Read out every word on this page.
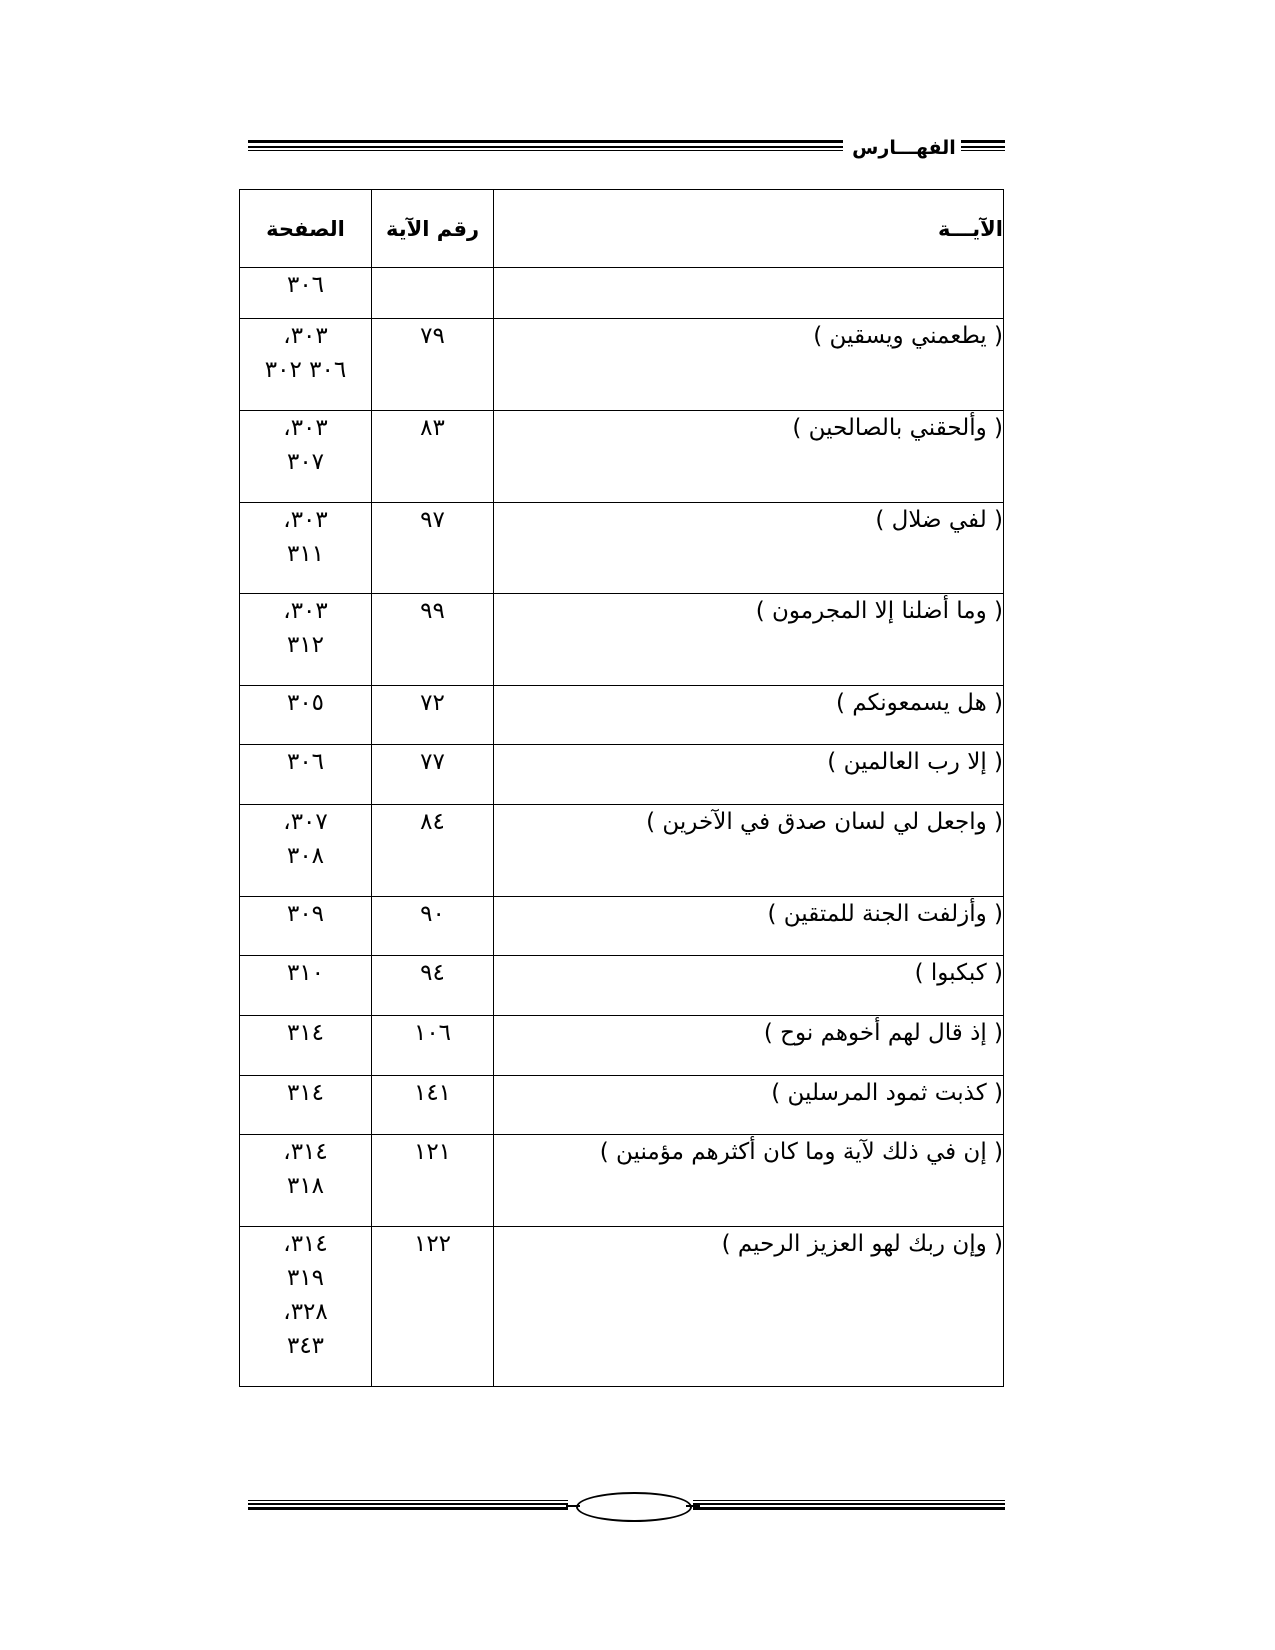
الفهـــارس
الآيـــة	رقم الآية	الصفحة

		٣٠٦

( يطعمني ويسقين )	٧٩	٣٠٣،
٣٠٦ ٣٠٢

( وألحقني بالصالحين )	٨٣	٣٠٣،
٣٠٧

( لفي ضلال )	٩٧	٣٠٣،
٣١١

( وما أضلنا إلا المجرمون )	٩٩	٣٠٣،
٣١٢

( هل يسمعونكم )	٧٢	٣٠٥

( إلا رب العالمين )	٧٧	٣٠٦

( واجعل لي لسان صدق في الآخرين )	٨٤	٣٠٧،
٣٠٨

( وأزلفت الجنة للمتقين )	٩٠	٣٠٩

( كبكبوا )	٩٤	٣١٠

( إذ قال لهم أخوهم نوح )	١٠٦	٣١٤

( كذبت ثمود المرسلين )	١٤١	٣١٤

( إن في ذلك لآية وما كان أكثرهم مؤمنين )	١٢١	٣١٤،
٣١٨

( وإن ربك لهو العزيز الرحيم )	١٢٢	٣١٤،
٣١٩
٣٢٨،
٣٤٣
